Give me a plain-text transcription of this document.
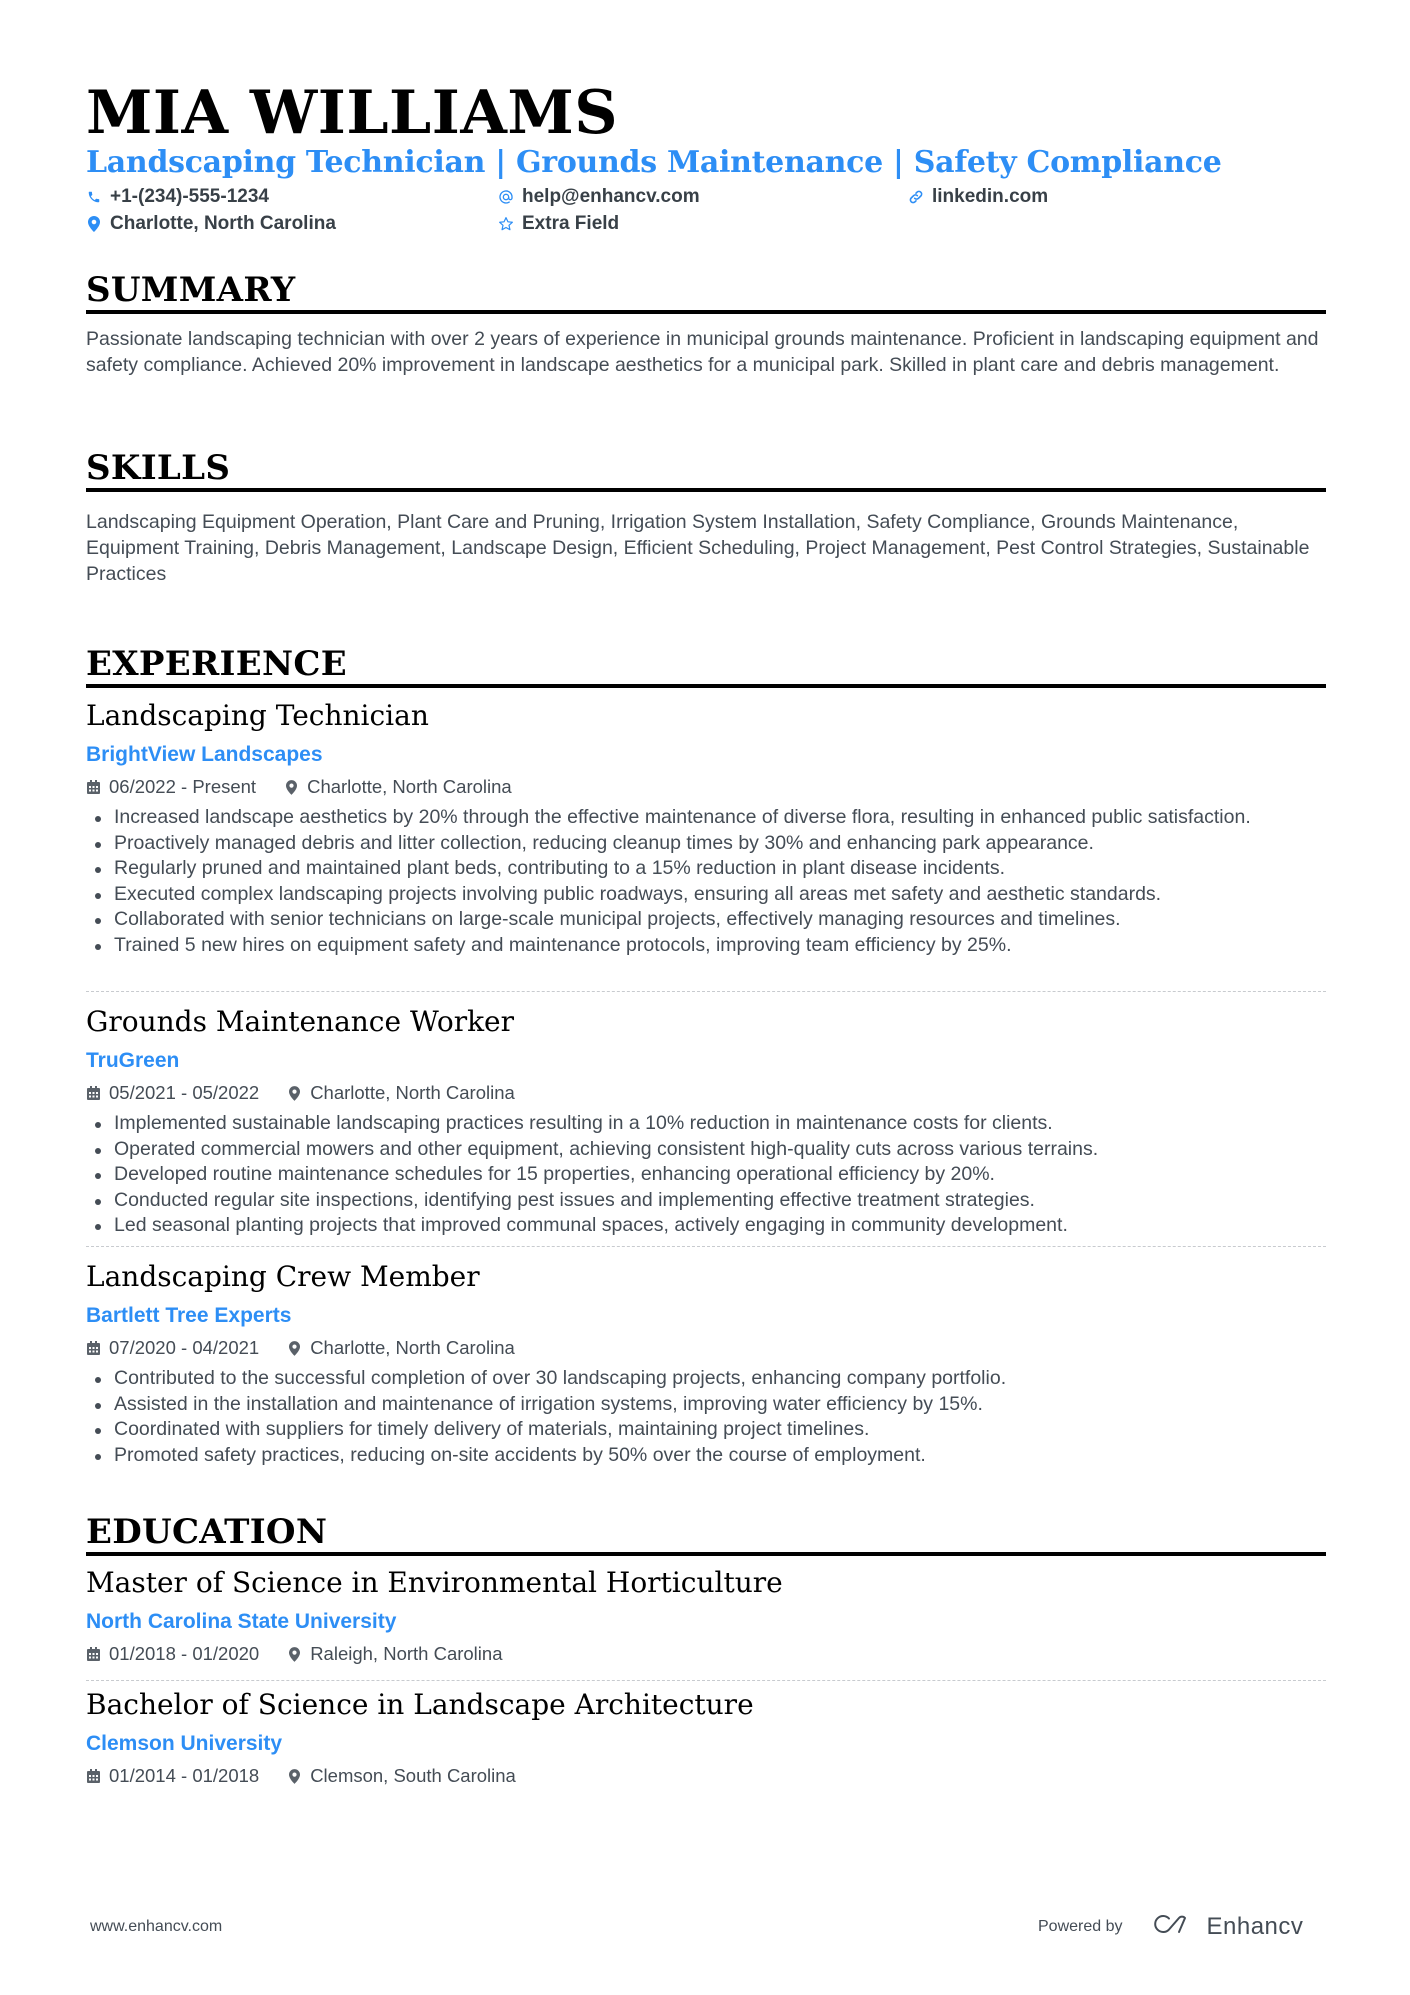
MIA WILLIAMS
Landscaping Technician | Grounds Maintenance | Safety Compliance
+1-(234)-555-1234	help@enhancv.com	linkedin.com
Charlotte, North Carolina	Extra Field
SUMMARY
Passionate landscaping technician with over 2 years of experience in municipal grounds maintenance. Proficient in landscaping equipment and safety compliance. Achieved 20% improvement in landscape aesthetics for a municipal park. Skilled in plant care and debris management.
SKILLS
Landscaping Equipment Operation, Plant Care and Pruning, Irrigation System Installation, Safety Compliance, Grounds Maintenance, Equipment Training, Debris Management, Landscape Design, Efficient Scheduling, Project Management, Pest Control Strategies, Sustainable Practices
EXPERIENCE
Landscaping Technician
BrightView Landscapes
06/2022 - Present	Charlotte, North Carolina
Increased landscape aesthetics by 20% through the effective maintenance of diverse flora, resulting in enhanced public satisfaction.
Proactively managed debris and litter collection, reducing cleanup times by 30% and enhancing park appearance.
Regularly pruned and maintained plant beds, contributing to a 15% reduction in plant disease incidents.
Executed complex landscaping projects involving public roadways, ensuring all areas met safety and aesthetic standards.
Collaborated with senior technicians on large-scale municipal projects, effectively managing resources and timelines.
Trained 5 new hires on equipment safety and maintenance protocols, improving team efficiency by 25%.
Grounds Maintenance Worker
TruGreen
05/2021 - 05/2022	Charlotte, North Carolina
Implemented sustainable landscaping practices resulting in a 10% reduction in maintenance costs for clients.
Operated commercial mowers and other equipment, achieving consistent high-quality cuts across various terrains.
Developed routine maintenance schedules for 15 properties, enhancing operational efficiency by 20%.
Conducted regular site inspections, identifying pest issues and implementing effective treatment strategies.
Led seasonal planting projects that improved communal spaces, actively engaging in community development.
Landscaping Crew Member
Bartlett Tree Experts
07/2020 - 04/2021	Charlotte, North Carolina
Contributed to the successful completion of over 30 landscaping projects, enhancing company portfolio.
Assisted in the installation and maintenance of irrigation systems, improving water efficiency by 15%.
Coordinated with suppliers for timely delivery of materials, maintaining project timelines.
Promoted safety practices, reducing on-site accidents by 50% over the course of employment.
EDUCATION
Master of Science in Environmental Horticulture
North Carolina State University
01/2018 - 01/2020	Raleigh, North Carolina
Bachelor of Science in Landscape Architecture
Clemson University
01/2014 - 01/2018	Clemson, South Carolina
www.enhancv.com	Powered by	Enhancv
